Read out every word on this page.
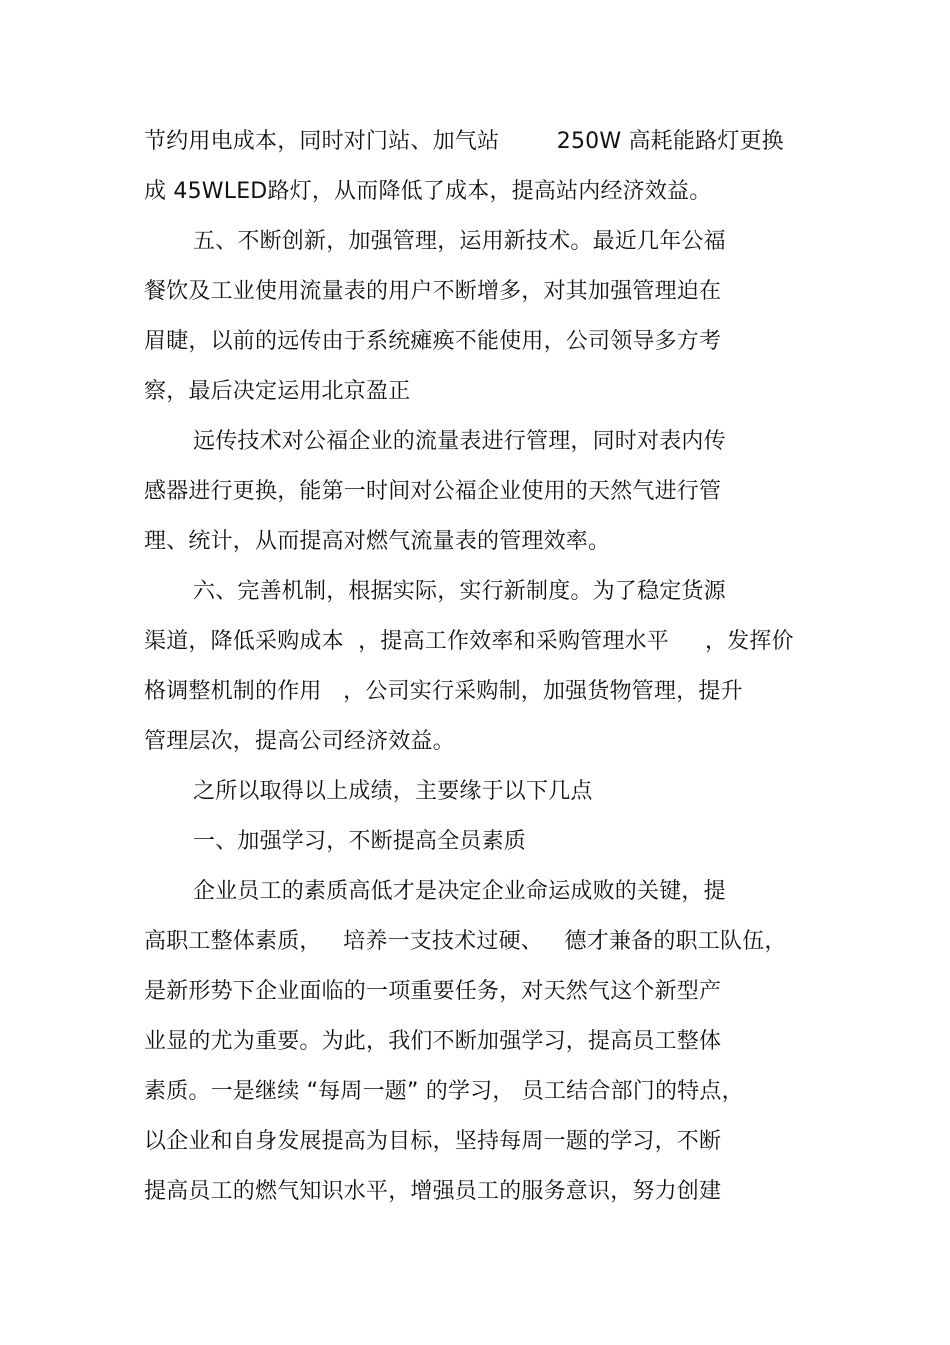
节约用电成本，同时对门站、加气站        250W 高耗能路灯更换
成 45WLED路灯，从而降低了成本，提高站内经济效益。
五、不断创新，加强管理，运用新技术。最近几年公福
餐饮及工业使用流量表的用户不断增多，对其加强管理迫在
眉睫，以前的远传由于系统瘫痪不能使用，公司领导多方考
察，最后决定运用北京盈正
远传技术对公福企业的流量表进行管理，同时对表内传
感器进行更换，能第一时间对公福企业使用的天然气进行管
理、统计，从而提高对燃气流量表的管理效率。
六、完善机制，根据实际，实行新制度。为了稳定货源
渠道，降低采购成本  ，提高工作效率和采购管理水平     ，发挥价
格调整机制的作用   ，公司实行采购制，加强货物管理，提升
管理层次，提高公司经济效益。
之所以取得以上成绩，主要缘于以下几点
一、加强学习，不断提高全员素质
企业员工的素质高低才是决定企业命运成败的关键，提
高职工整体素质，   培养一支技术过硬、   德才兼备的职工队伍，
是新形势下企业面临的一项重要任务，对天然气这个新型产
业显的尤为重要。为此，我们不断加强学习，提高员工整体
素质。一是继续 “每周一题” 的学习， 员工结合部门的特点，
以企业和自身发展提高为目标，坚持每周一题的学习，不断
提高员工的燃气知识水平，增强员工的服务意识，努力创建
